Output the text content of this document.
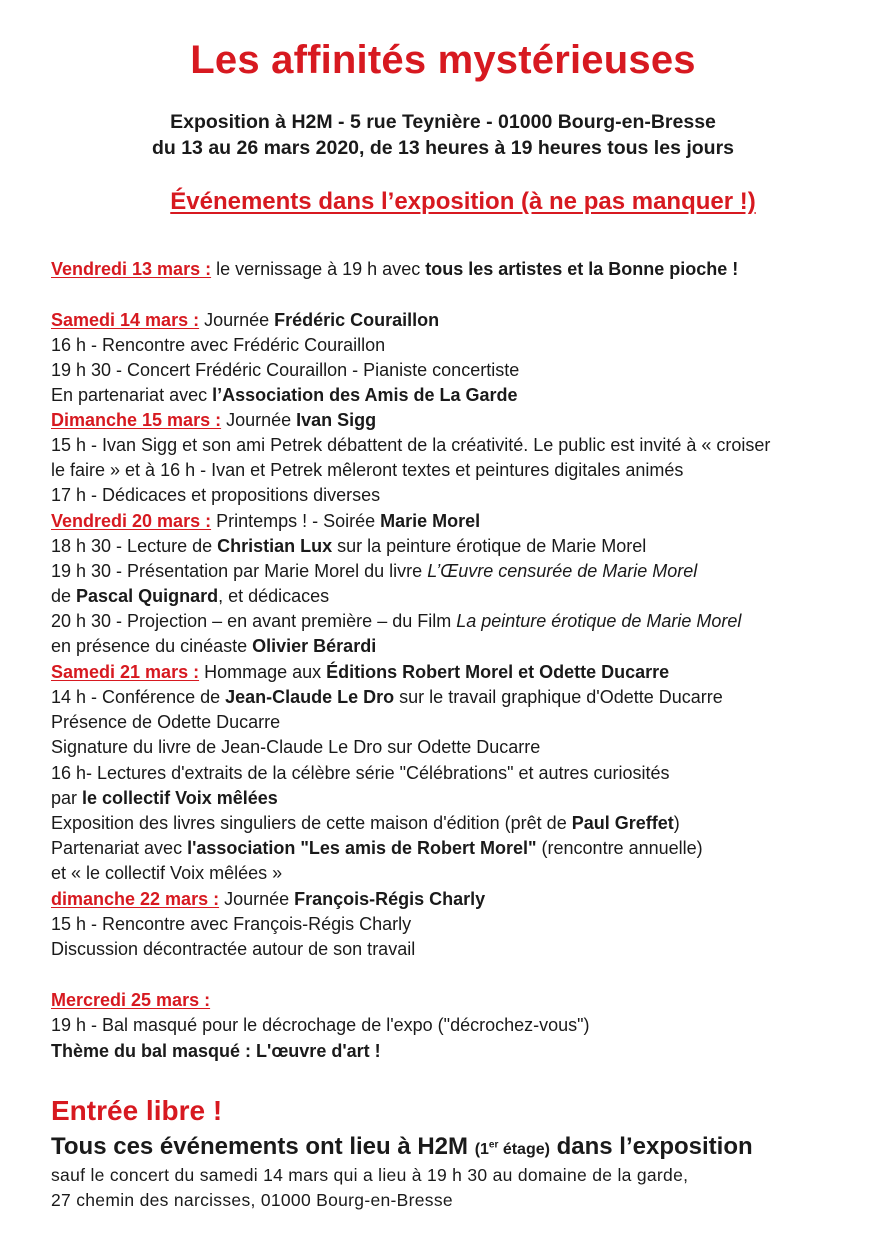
Les affinités mystérieuses
Exposition à H2M - 5 rue Teynière - 01000 Bourg-en-Bresse
du 13 au 26 mars 2020, de 13 heures à 19 heures tous les jours
Événements dans l’exposition (à ne pas manquer !)
Vendredi 13 mars : le vernissage à 19 h avec tous les artistes et la Bonne pioche !
Samedi 14 mars : Journée Frédéric Couraillon
16 h - Rencontre avec Frédéric Couraillon
19 h 30 - Concert Frédéric Couraillon - Pianiste concertiste
En partenariat avec l’Association des Amis de La Garde
Dimanche 15 mars : Journée Ivan Sigg
15 h - Ivan Sigg et son ami Petrek débattent de la créativité. Le public est invité à « croiser
le faire » et à 16 h - Ivan et Petrek mêleront textes et peintures digitales animés
17 h - Dédicaces et propositions diverses
Vendredi 20 mars : Printemps ! - Soirée Marie Morel
18 h 30 - Lecture de Christian Lux sur la peinture érotique de Marie Morel
19 h 30 - Présentation par Marie Morel du livre L’Œuvre censurée de Marie Morel
de Pascal Quignard, et dédicaces
20 h 30 - Projection – en avant première – du Film La peinture érotique de Marie Morel
en présence du cinéaste Olivier Bérardi
Samedi 21 mars : Hommage aux Éditions Robert Morel et Odette Ducarre
14 h - Conférence de Jean-Claude Le Dro sur le travail graphique d'Odette Ducarre
Présence de Odette Ducarre
Signature du livre de Jean-Claude Le Dro sur Odette Ducarre
16 h- Lectures d'extraits de la célèbre série "Célébrations" et autres curiosités
par le collectif Voix mêlées
Exposition des livres singuliers de cette maison d'édition (prêt de Paul Greffet)
Partenariat avec l'association "Les amis de Robert Morel" (rencontre annuelle)
et « le collectif Voix mêlées »
dimanche 22 mars : Journée François-Régis Charly
15 h - Rencontre avec François-Régis Charly
Discussion décontractée autour de son travail
Mercredi 25 mars :
19 h - Bal masqué pour le décrochage de l'expo ("décrochez-vous")
Thème du bal masqué : L'œuvre d'art !
Entrée libre !
Tous ces événements ont lieu à H2M (1er étage) dans l’exposition
sauf le concert du samedi 14 mars qui a lieu à 19 h 30 au domaine de la garde,
27 chemin des narcisses, 01000 Bourg-en-Bresse
